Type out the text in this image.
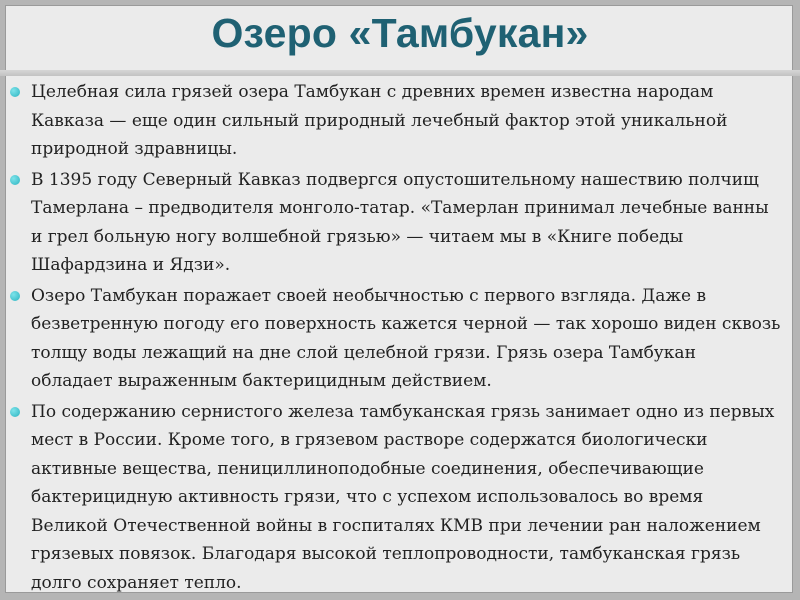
Озеро «Тамбукан»
Целебная сила грязей озера Тамбукан с древних времен известна народам Кавказа — еще один сильный природный лечебный фактор этой уникальной природной здравницы.
В 1395 году Северный Кавказ подвергся опустошительному нашествию полчищ Тамерлана – предводителя монголо-татар. «Тамерлан принимал лечебные ванны и грел больную ногу волшебной грязью» — читаем мы в «Книге победы Шафардзина и Ядзи».
Озеро Тамбукан поражает своей необычностью с первого взгляда. Даже в безветренную погоду его поверхность кажется черной — так хорошо виден сквозь толщу воды лежащий на дне слой целебной грязи. Грязь озера Тамбукан обладает выраженным бактерицидным действием.
По содержанию сернистого железа тамбуканская грязь занимает одно из первых мест в России. Кроме того, в грязевом растворе содержатся биологически активные вещества, пенициллиноподобные соединения, обеспечивающие бактерицидную активность грязи, что с успехом использовалось во время Великой Отечественной войны в госпиталях КМВ при лечении ран наложением грязевых повязок. Благодаря высокой теплопроводности, тамбуканская грязь долго сохраняет тепло.
